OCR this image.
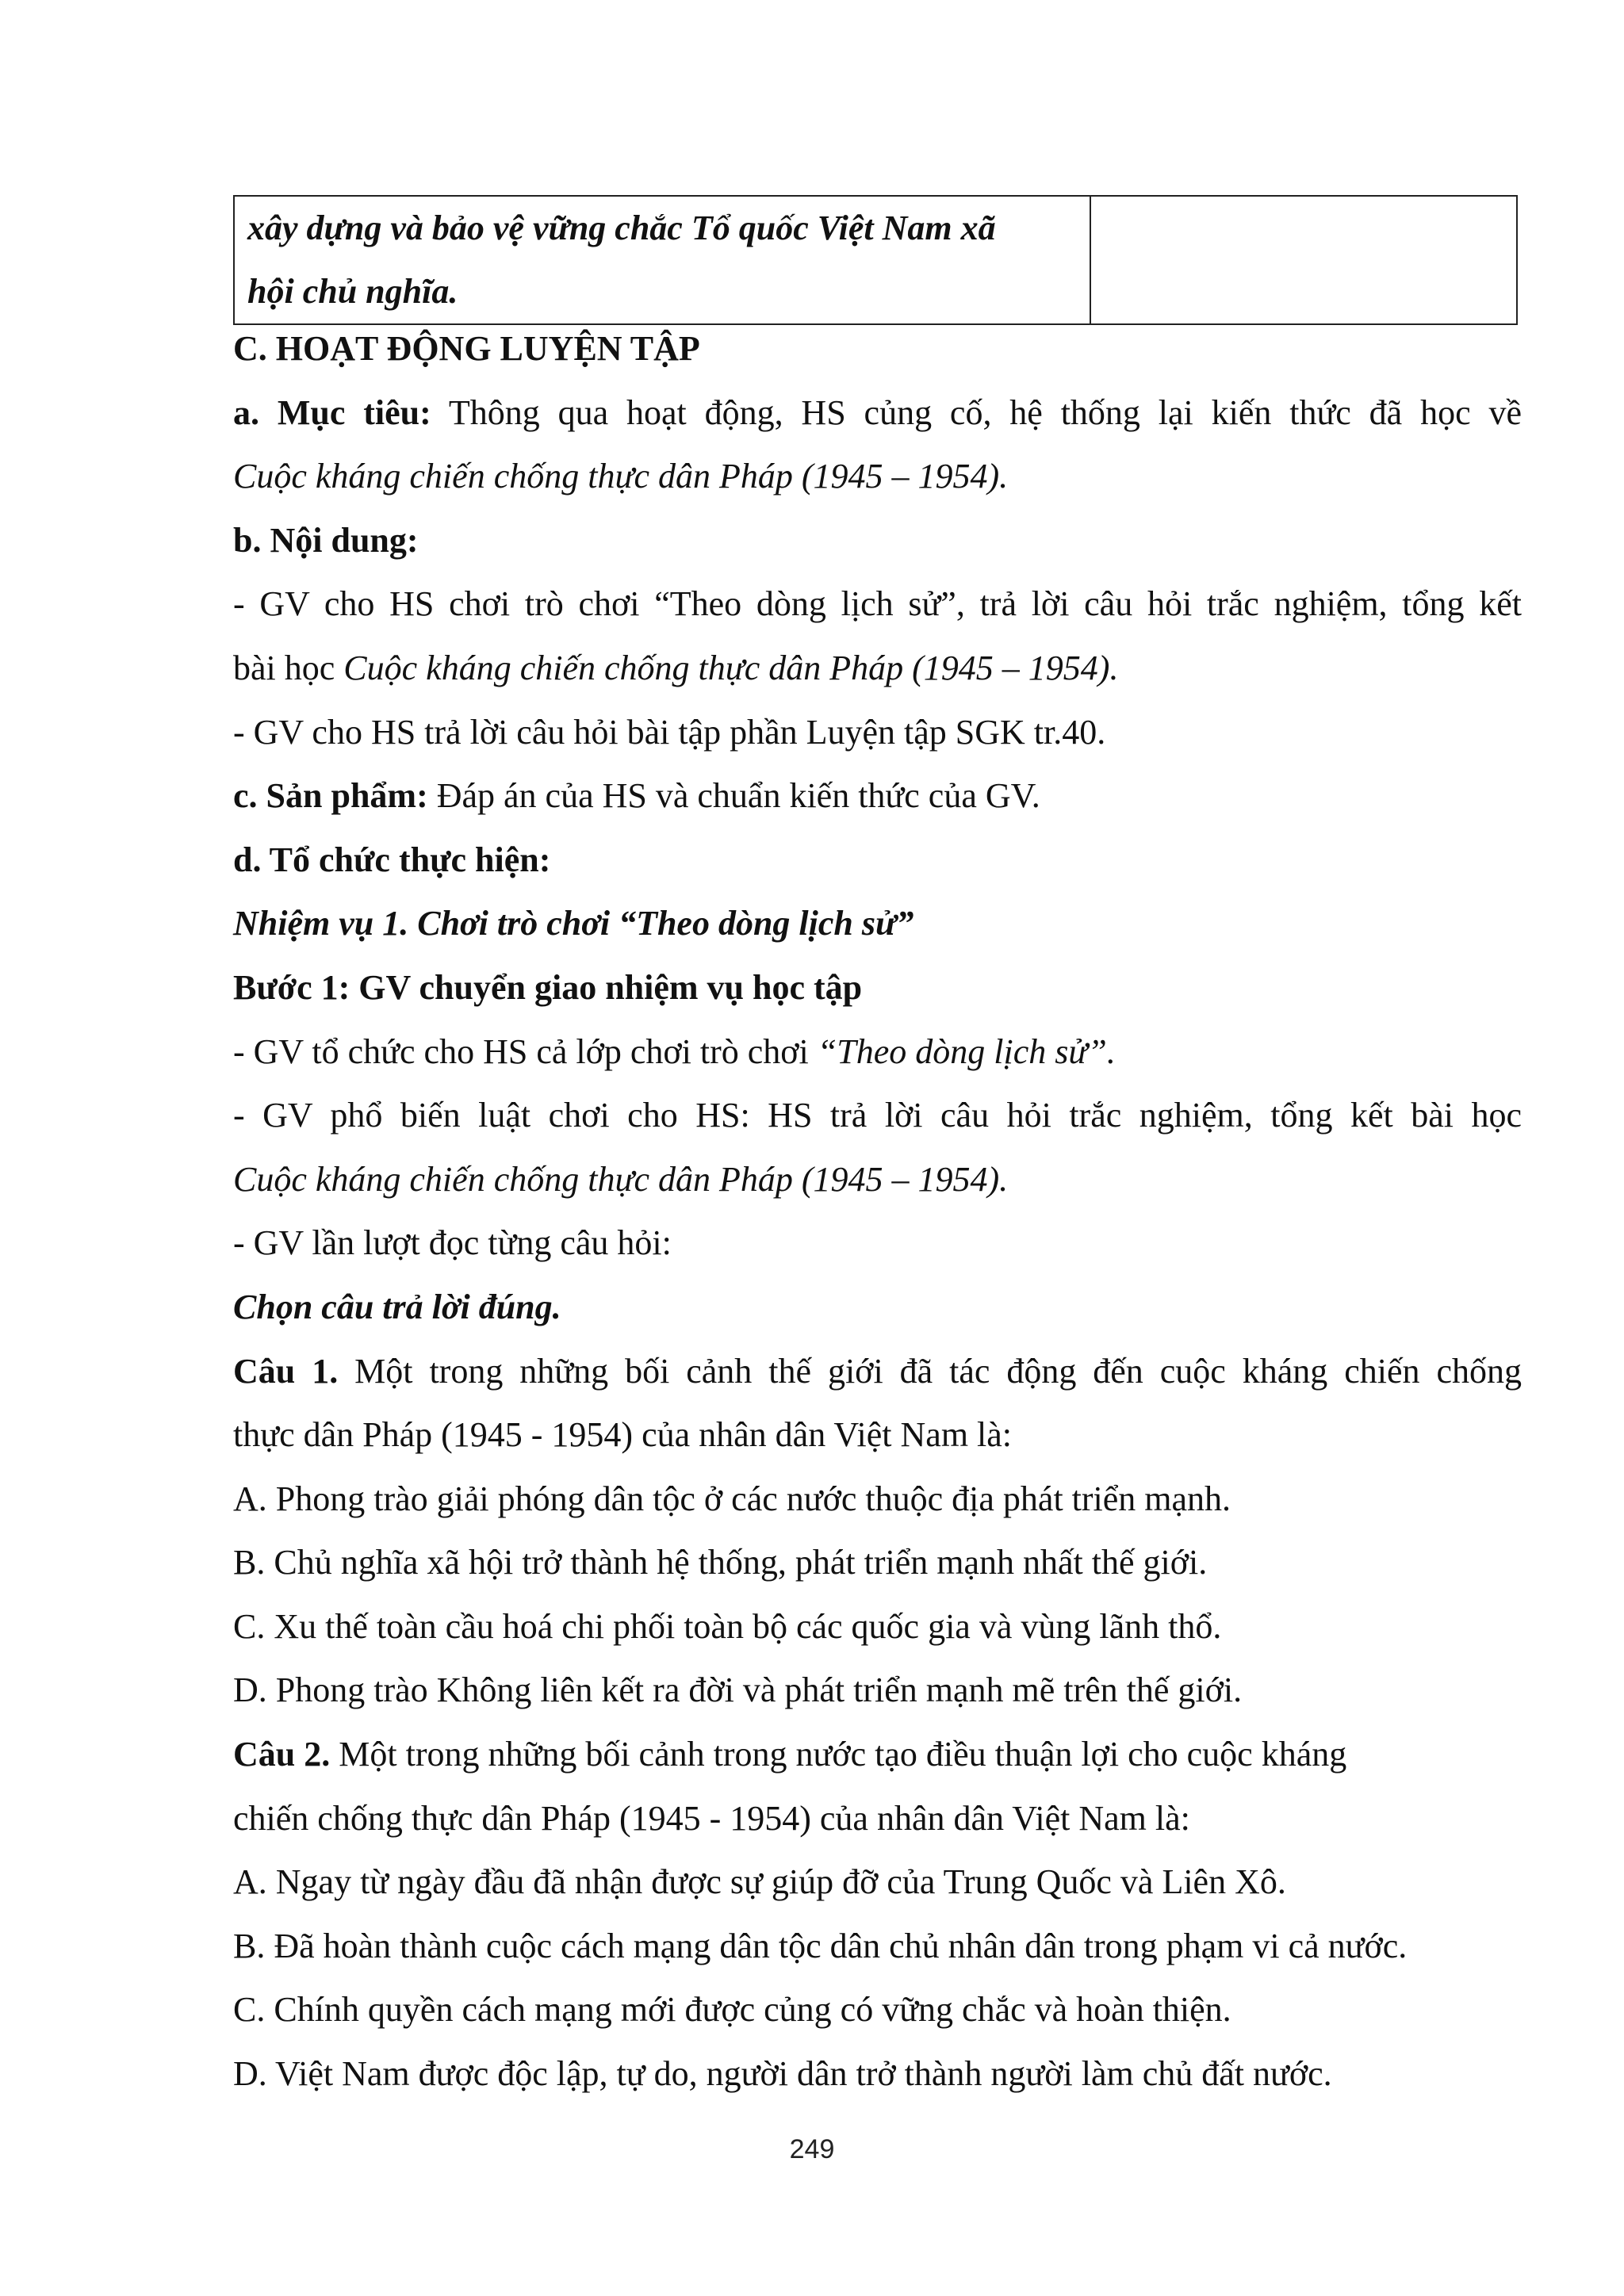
xây dựng và bảo vệ vững chắc Tổ quốc Việt Nam xã
hội chủ nghĩa.

C. HOẠT ĐỘNG LUYỆN TẬP
a. Mục tiêu: Thông qua hoạt động, HS củng cố, hệ thống lại kiến thức đã học về
Cuộc kháng chiến chống thực dân Pháp (1945 – 1954).
b. Nội dung:
- GV cho HS chơi trò chơi “Theo dòng lịch sử”, trả lời câu hỏi trắc nghiệm, tổng kết
bài học Cuộc kháng chiến chống thực dân Pháp (1945 – 1954).
- GV cho HS trả lời câu hỏi bài tập phần Luyện tập SGK tr.40.
c. Sản phẩm: Đáp án của HS và chuẩn kiến thức của GV.
d. Tổ chức thực hiện:
Nhiệm vụ 1. Chơi trò chơi “Theo dòng lịch sử”
Bước 1: GV chuyển giao nhiệm vụ học tập
- GV tổ chức cho HS cả lớp chơi trò chơi “Theo dòng lịch sử”.
- GV phổ biến luật chơi cho HS: HS trả lời câu hỏi trắc nghiệm, tổng kết bài học
Cuộc kháng chiến chống thực dân Pháp (1945 – 1954).
- GV lần lượt đọc từng câu hỏi:
Chọn câu trả lời đúng.
Câu 1. Một trong những bối cảnh thế giới đã tác động đến cuộc kháng chiến chống
thực dân Pháp (1945 - 1954) của nhân dân Việt Nam là:
A. Phong trào giải phóng dân tộc ở các nước thuộc địa phát triển mạnh.
B. Chủ nghĩa xã hội trở thành hệ thống, phát triển mạnh nhất thế giới.
C. Xu thế toàn cầu hoá chi phối toàn bộ các quốc gia và vùng lãnh thổ.
D. Phong trào Không liên kết ra đời và phát triển mạnh mẽ trên thế giới.
Câu 2. Một trong những bối cảnh trong nước tạo điều thuận lợi cho cuộc kháng
chiến chống thực dân Pháp (1945 - 1954) của nhân dân Việt Nam là:
A. Ngay từ ngày đầu đã nhận được sự giúp đỡ của Trung Quốc và Liên Xô.
B. Đã hoàn thành cuộc cách mạng dân tộc dân chủ nhân dân trong phạm vi cả nước.
C. Chính quyền cách mạng mới được củng có vững chắc và hoàn thiện.
D. Việt Nam được độc lập, tự do, người dân trở thành người làm chủ đất nước.
249
